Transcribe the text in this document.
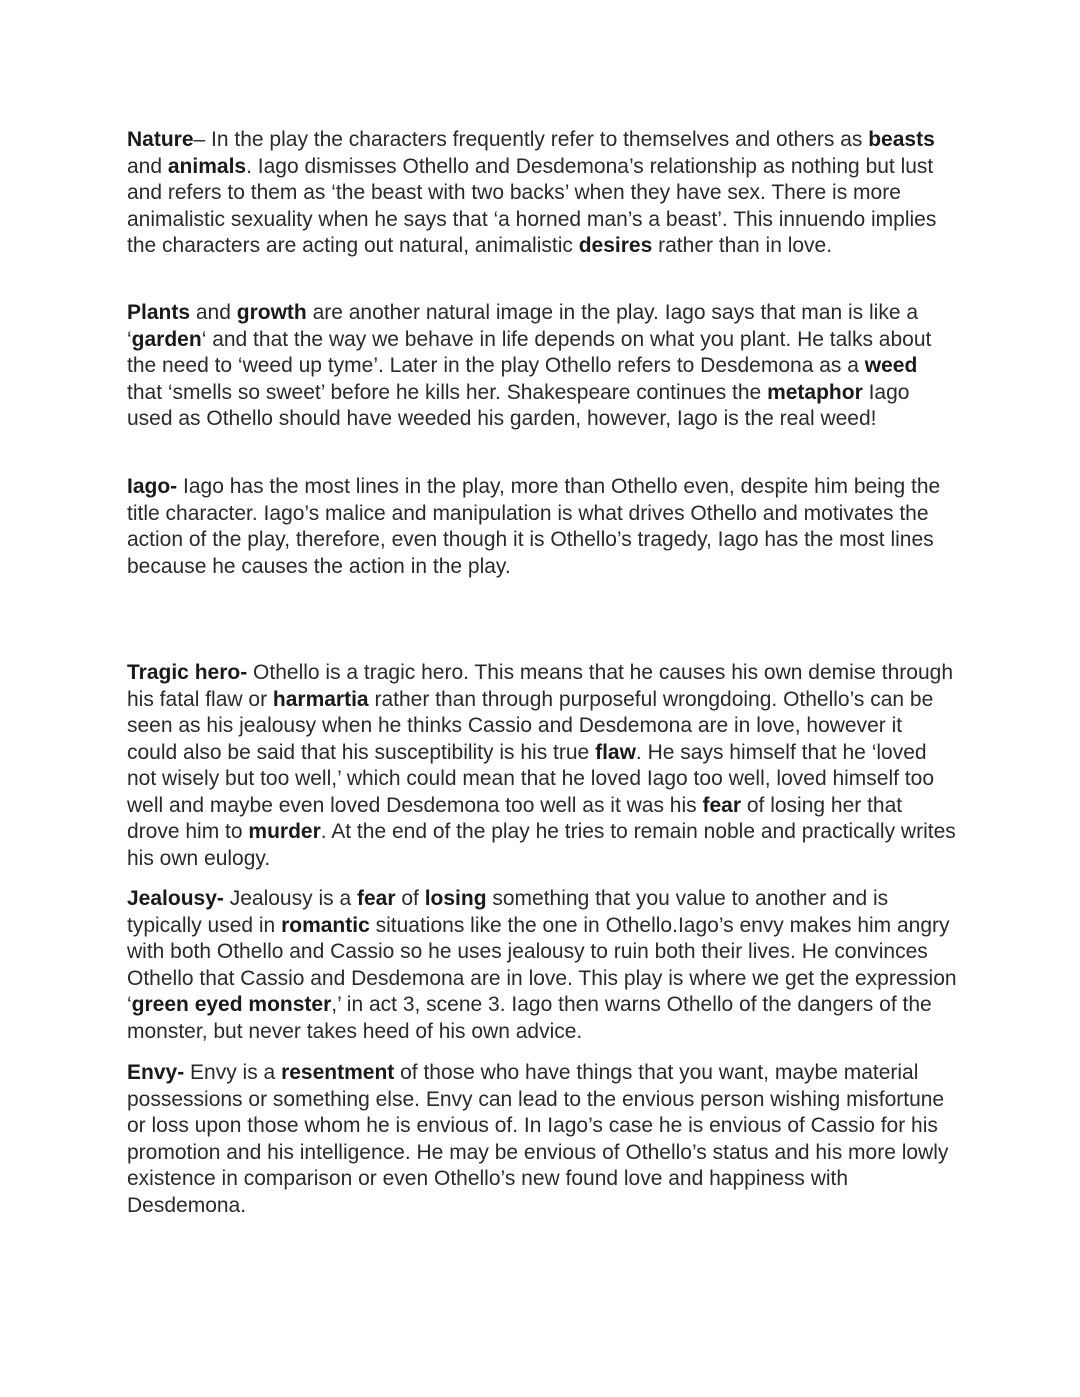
Nature– In the play the characters frequently refer to themselves and others as beasts and animals. Iago dismisses Othello and Desdemona’s relationship as nothing but lust and refers to them as ‘the beast with two backs’ when they have sex. There is more animalistic sexuality when he says that ‘a horned man’s a beast’. This innuendo implies the characters are acting out natural, animalistic desires rather than in love.

Plants and growth are another natural image in the play. Iago says that man is like a ‘garden‘ and that the way we behave in life depends on what you plant. He talks about the need to ‘weed up tyme’. Later in the play Othello refers to Desdemona as a weed that ‘smells so sweet’ before he kills her. Shakespeare continues the metaphor Iago used as Othello should have weeded his garden, however, Iago is the real weed!

Iago- Iago has the most lines in the play, more than Othello even, despite him being the title character. Iago’s malice and manipulation is what drives Othello and motivates the action of the play, therefore, even though it is Othello’s tragedy, Iago has the most lines because he causes the action in the play.

Tragic hero- Othello is a tragic hero. This means that he causes his own demise through his fatal flaw or harmartia rather than through purposeful wrongdoing. Othello’s can be seen as his jealousy when he thinks Cassio and Desdemona are in love, however it could also be said that his susceptibility is his true flaw. He says himself that he ‘loved not wisely but too well,’ which could mean that he loved Iago too well, loved himself too well and maybe even loved Desdemona too well as it was his fear of losing her that drove him to murder. At the end of the play he tries to remain noble and practically writes his own eulogy.

Jealousy- Jealousy is a fear of losing something that you value to another and is typically used in romantic situations like the one in Othello.Iago’s envy makes him angry with both Othello and Cassio so he uses jealousy to ruin both their lives. He convinces Othello that Cassio and Desdemona are in love. This play is where we get the expression ‘green eyed monster,’ in act 3, scene 3. Iago then warns Othello of the dangers of the monster, but never takes heed of his own advice.

Envy- Envy is a resentment of those who have things that you want, maybe material possessions or something else. Envy can lead to the envious person wishing misfortune or loss upon those whom he is envious of. In Iago’s case he is envious of Cassio for his promotion and his intelligence. He may be envious of Othello’s status and his more lowly existence in comparison or even Othello’s new found love and happiness with Desdemona.
